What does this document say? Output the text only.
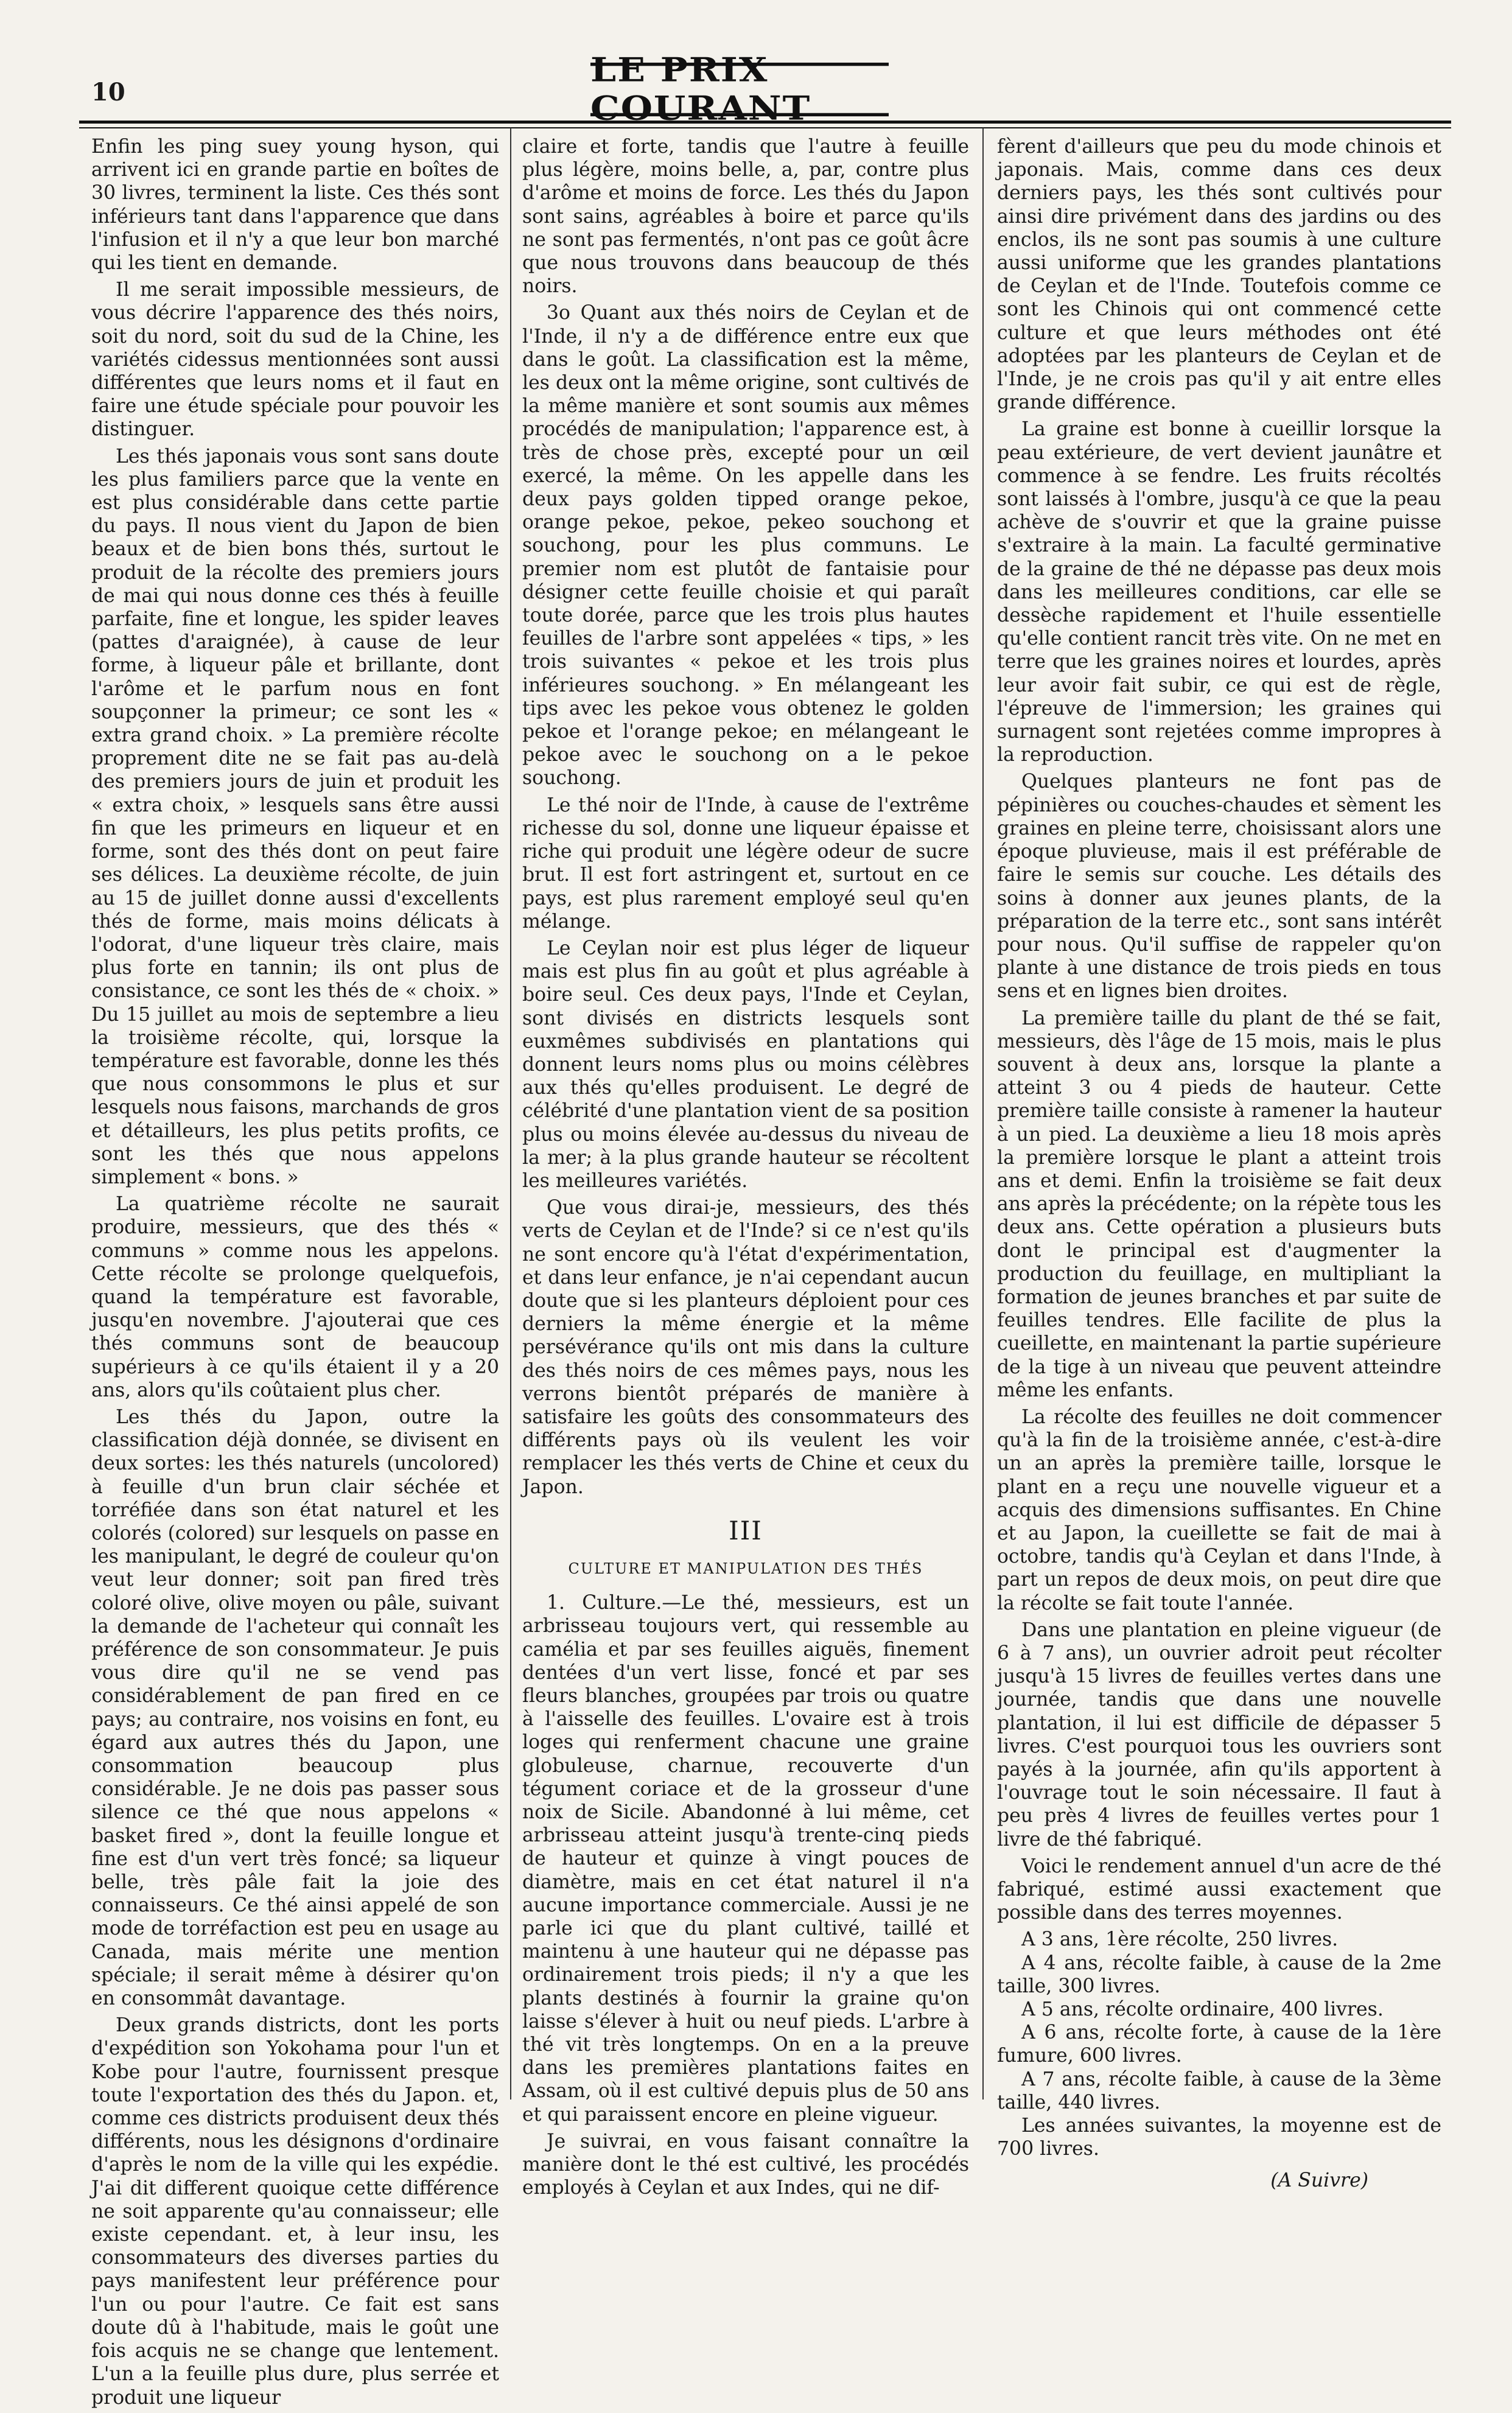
10
LE PRIX COURANT

Enfin les ping suey young hyson, qui arrivent ici en grande partie en boîtes de 30 livres, terminent la liste. Ces thés sont inférieurs tant dans l'apparence que dans l'infusion et il n'y a que leur bon marché qui les tient en demande.

Il me serait impossible messieurs, de vous décrire l'apparence des thés noirs, soit du nord, soit du sud de la Chine, les variétés cidessus mentionnées sont aussi différentes que leurs noms et il faut en faire une étude spéciale pour pouvoir les distinguer.

Les thés japonais vous sont sans doute les plus familiers parce que la vente en est plus considérable dans cette partie du pays. Il nous vient du Japon de bien beaux et de bien bons thés, surtout le produit de la récolte des premiers jours de mai qui nous donne ces thés à feuille parfaite, fine et longue, les spider leaves (pattes d'araignée), à cause de leur forme, à liqueur pâle et brillante, dont l'arôme et le parfum nous en font soupçonner la primeur; ce sont les « extra grand choix. » La première récolte proprement dite ne se fait pas au-delà des premiers jours de juin et produit les « extra choix, » lesquels sans être aussi fin que les primeurs en liqueur et en forme, sont des thés dont on peut faire ses délices. La deuxième récolte, de juin au 15 de juillet donne aussi d'excellents thés de forme, mais moins délicats à l'odorat, d'une liqueur très claire, mais plus forte en tannin; ils ont plus de consistance, ce sont les thés de « choix. » Du 15 juillet au mois de septembre a lieu la troisième récolte, qui, lorsque la température est favorable, donne les thés que nous consommons le plus et sur lesquels nous faisons, marchands de gros et détailleurs, les plus petits profits, ce sont les thés que nous appelons simplement « bons. »

La quatrième récolte ne saurait produire, messieurs, que des thés « communs » comme nous les appelons. Cette récolte se prolonge quelquefois, quand la température est favorable, jusqu'en novembre. J'ajouterai que ces thés communs sont de beaucoup supérieurs à ce qu'ils étaient il y a 20 ans, alors qu'ils coûtaient plus cher.

Les thés du Japon, outre la classification déjà donnée, se divisent en deux sortes: les thés naturels (uncolored) à feuille d'un brun clair séchée et torréfiée dans son état naturel et les colorés (colored) sur lesquels on passe en les manipulant, le degré de couleur qu'on veut leur donner; soit pan fired très coloré olive, olive moyen ou pâle, suivant la demande de l'acheteur qui connaît les préférence de son consommateur. Je puis vous dire qu'il ne se vend pas considérablement de pan fired en ce pays; au contraire, nos voisins en font, eu égard aux autres thés du Japon, une consommation beaucoup plus considérable. Je ne dois pas passer sous silence ce thé que nous appelons « basket fired », dont la feuille longue et fine est d'un vert très foncé; sa liqueur belle, très pâle fait la joie des connaisseurs. Ce thé ainsi appelé de son mode de torréfaction est peu en usage au Canada, mais mérite une mention spéciale; il serait même à désirer qu'on en consommât davantage.

Deux grands districts, dont les ports d'expédition son Yokohama pour l'un et Kobe pour l'autre, fournissent presque toute l'exportation des thés du Japon. et, comme ces districts produisent deux thés différents, nous les désignons d'ordinaire d'après le nom de la ville qui les expédie. J'ai dit different quoique cette différence ne soit apparente qu'au connaisseur; elle existe cependant. et, à leur insu, les consommateurs des diverses parties du pays manifestent leur préférence pour l'un ou pour l'autre. Ce fait est sans doute dû à l'habitude, mais le goût une fois acquis ne se change que lentement. L'un a la feuille plus dure, plus serrée et produit une liqueur

claire et forte, tandis que l'autre à feuille plus légère, moins belle, a, par, contre plus d'arôme et moins de force. Les thés du Japon sont sains, agréables à boire et parce qu'ils ne sont pas fermentés, n'ont pas ce goût âcre que nous trouvons dans beaucoup de thés noirs.

3o Quant aux thés noirs de Ceylan et de l'Inde, il n'y a de différence entre eux que dans le goût. La classification est la même, les deux ont la même origine, sont cultivés de la même manière et sont soumis aux mêmes procédés de manipulation; l'apparence est, à très de chose près, excepté pour un œil exercé, la même. On les appelle dans les deux pays golden tipped orange pekoe, orange pekoe, pekoe, pekeo souchong et souchong, pour les plus communs. Le premier nom est plutôt de fantaisie pour désigner cette feuille choisie et qui paraît toute dorée, parce que les trois plus hautes feuilles de l'arbre sont appelées « tips, » les trois suivantes « pekoe et les trois plus inférieures souchong. » En mélangeant les tips avec les pekoe vous obtenez le golden pekoe et l'orange pekoe; en mélangeant le pekoe avec le souchong on a le pekoe souchong.

Le thé noir de l'Inde, à cause de l'extrême richesse du sol, donne une liqueur épaisse et riche qui produit une légère odeur de sucre brut. Il est fort astringent et, surtout en ce pays, est plus rarement employé seul qu'en mélange.

Le Ceylan noir est plus léger de liqueur mais est plus fin au goût et plus agréable à boire seul. Ces deux pays, l'Inde et Ceylan, sont divisés en districts lesquels sont euxmêmes subdivisés en plantations qui donnent leurs noms plus ou moins célèbres aux thés qu'elles produisent. Le degré de célébrité d'une plantation vient de sa position plus ou moins élevée au-dessus du niveau de la mer; à la plus grande hauteur se récoltent les meilleures variétés.

Que vous dirai-je, messieurs, des thés verts de Ceylan et de l'Inde? si ce n'est qu'ils ne sont encore qu'à l'état d'expérimentation, et dans leur enfance, je n'ai cependant aucun doute que si les planteurs déploient pour ces derniers la même énergie et la même persévérance qu'ils ont mis dans la culture des thés noirs de ces mêmes pays, nous les verrons bientôt préparés de manière à satisfaire les goûts des consommateurs des différents pays où ils veulent les voir remplacer les thés verts de Chine et ceux du Japon.

III
CULTURE ET MANIPULATION DES THÉS

1. Culture.—Le thé, messieurs, est un arbrisseau toujours vert, qui ressemble au camélia et par ses feuilles aiguës, finement dentées d'un vert lisse, foncé et par ses fleurs blanches, groupées par trois ou quatre à l'aisselle des feuilles. L'ovaire est à trois loges qui renferment chacune une graine globuleuse, charnue, recouverte d'un tégument coriace et de la grosseur d'une noix de Sicile. Abandonné à lui même, cet arbrisseau atteint jusqu'à trente-cinq pieds de hauteur et quinze à vingt pouces de diamètre, mais en cet état naturel il n'a aucune importance commerciale. Aussi je ne parle ici que du plant cultivé, taillé et maintenu à une hauteur qui ne dépasse pas ordinairement trois pieds; il n'y a que les plants destinés à fournir la graine qu'on laisse s'élever à huit ou neuf pieds. L'arbre à thé vit très longtemps. On en a la preuve dans les premières plantations faites en Assam, où il est cultivé depuis plus de 50 ans et qui paraissent encore en pleine vigueur.

Je suivrai, en vous faisant connaître la manière dont le thé est cultivé, les procédés employés à Ceylan et aux Indes, qui ne dif-

fèrent d'ailleurs que peu du mode chinois et japonais. Mais, comme dans ces deux derniers pays, les thés sont cultivés pour ainsi dire privément dans des jardins ou des enclos, ils ne sont pas soumis à une culture aussi uniforme que les grandes plantations de Ceylan et de l'Inde. Toutefois comme ce sont les Chinois qui ont commencé cette culture et que leurs méthodes ont été adoptées par les planteurs de Ceylan et de l'Inde, je ne crois pas qu'il y ait entre elles grande différence.

La graine est bonne à cueillir lorsque la peau extérieure, de vert devient jaunâtre et commence à se fendre. Les fruits récoltés sont laissés à l'ombre, jusqu'à ce que la peau achève de s'ouvrir et que la graine puisse s'extraire à la main. La faculté germinative de la graine de thé ne dépasse pas deux mois dans les meilleures conditions, car elle se dessèche rapidement et l'huile essentielle qu'elle contient rancit très vite. On ne met en terre que les graines noires et lourdes, après leur avoir fait subir, ce qui est de règle, l'épreuve de l'immersion; les graines qui surnagent sont rejetées comme impropres à la reproduction.

Quelques planteurs ne font pas de pépinières ou couches-chaudes et sèment les graines en pleine terre, choisissant alors une époque pluvieuse, mais il est préférable de faire le semis sur couche. Les détails des soins à donner aux jeunes plants, de la préparation de la terre etc., sont sans intérêt pour nous. Qu'il suffise de rappeler qu'on plante à une distance de trois pieds en tous sens et en lignes bien droites.

La première taille du plant de thé se fait, messieurs, dès l'âge de 15 mois, mais le plus souvent à deux ans, lorsque la plante a atteint 3 ou 4 pieds de hauteur. Cette première taille consiste à ramener la hauteur à un pied. La deuxième a lieu 18 mois après la première lorsque le plant a atteint trois ans et demi. Enfin la troisième se fait deux ans après la précédente; on la répète tous les deux ans. Cette opération a plusieurs buts dont le principal est d'augmenter la production du feuillage, en multipliant la formation de jeunes branches et par suite de feuilles tendres. Elle facilite de plus la cueillette, en maintenant la partie supérieure de la tige à un niveau que peuvent atteindre même les enfants.

La récolte des feuilles ne doit commencer qu'à la fin de la troisième année, c'est-à-dire un an après la première taille, lorsque le plant en a reçu une nouvelle vigueur et a acquis des dimensions suffisantes. En Chine et au Japon, la cueillette se fait de mai à octobre, tandis qu'à Ceylan et dans l'Inde, à part un repos de deux mois, on peut dire que la récolte se fait toute l'année.

Dans une plantation en pleine vigueur (de 6 à 7 ans), un ouvrier adroit peut récolter jusqu'à 15 livres de feuilles vertes dans une journée, tandis que dans une nouvelle plantation, il lui est difficile de dépasser 5 livres. C'est pourquoi tous les ouvriers sont payés à la journée, afin qu'ils apportent à l'ouvrage tout le soin nécessaire. Il faut à peu près 4 livres de feuilles vertes pour 1 livre de thé fabriqué.

Voici le rendement annuel d'un acre de thé fabriqué, estimé aussi exactement que possible dans des terres moyennes.

A 3 ans, 1ère récolte, 250 livres.

A 4 ans, récolte faible, à cause de la 2me taille, 300 livres.

A 5 ans, récolte ordinaire, 400 livres.

A 6 ans, récolte forte, à cause de la 1ère fumure, 600 livres.

A 7 ans, récolte faible, à cause de la 3ème taille, 440 livres.

Les années suivantes, la moyenne est de 700 livres.

(A Suivre)
